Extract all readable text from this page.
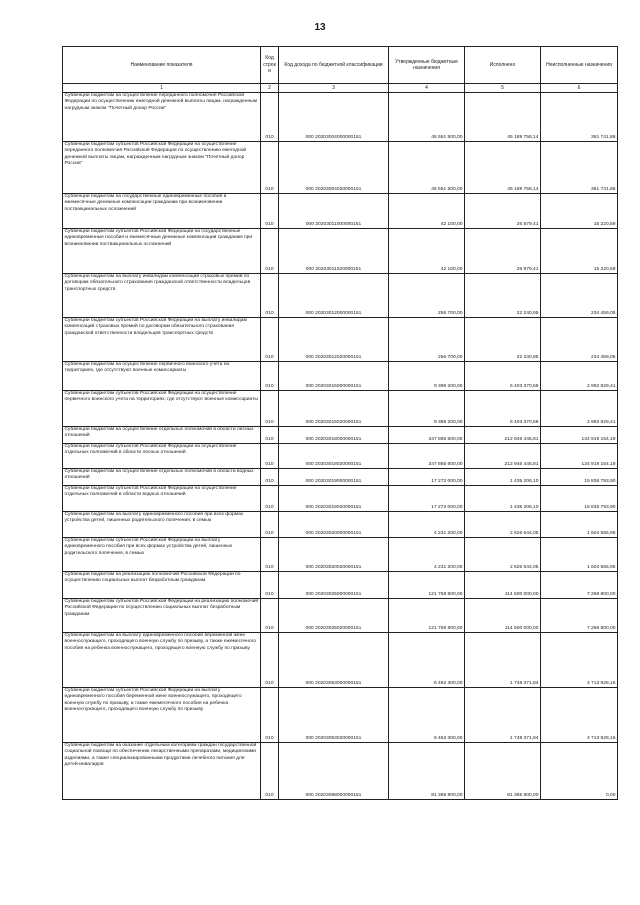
13
Наименование показателя	Код строк и	Код дохода по бюджетной классификации	Утвержденные бюджетные назначения	Исполнено	Неисполненные назначения
1	2	3	4	5	6
Субвенции бюджетам на осуществление переданного полномочия Российской Федерации по осуществлению ежегодной денежной выплаты лицам, награжденным нагрудным знаком "Почетный донор России"	010	000 20203004000000151	45 551 500,00	45 189 758,14	361 741,86
Субвенции бюджетам субъектов Российской Федерации на осуществление переданного полномочия Российской Федерации по осуществлению ежегодной денежной выплаты лицам, награжденным нагрудным знаком "Почетный донор России"	010	000 20203004020000151	45 551 500,00	45 189 758,14	361 741,86
Субвенции бюджетам на государственные единовременные пособия и ежемесячные денежные компенсации гражданам при возникновении поствакцинальных осложнений	010	000 20203011000000151	42 100,00	26 879,41	15 220,59
Субвенции бюджетам субъектов Российской Федерации на государственные единовременные пособия и ежемесячные денежные компенсации гражданам при возникновении поствакцинальных осложнений	010	000 20203011020000151	42 100,00	26 879,41	15 220,59
Субвенции бюджетам на выплату инвалидам компенсаций страховых премий по договорам обязательного страхования гражданской ответственности владельцев транспортных средств	010	000 20203012000000151	256 700,00	22 240,95	234 459,05
Субвенции бюджетам субъектов Российской Федерации на выплату инвалидам компенсаций страховых премий по договорам обязательного страхования гражданской ответственности владельцев транспортных средств	010	000 20203012020000151	256 700,00	22 240,95	234 459,05
Субвенции бюджетам на осуществление первичного воинского учета на территориях, где отсутствуют военные комиссариаты	010	000 20203015000000151	9 396 200,00	6 403 370,59	2 992 829,41
Субвенции бюджетам субъектов Российской Федерации на осуществление первичного воинского учета на территориях, где отсутствуют военные комиссариаты	010	000 20203015020000151	9 396 200,00	6 403 370,59	2 992 829,41
Субвенции бюджетам на осуществление отдельных полномочий в области лесных отношений	010	000 20203018000000151	347 865 600,00	212 946 445,81	134 919 154,19
Субвенции бюджетам субъектов Российской Федерации на осуществление отдельных полномочий в области лесных отношений	010	000 20203018020000151	347 865 600,00	212 946 445,81	134 919 154,19
Субвенции бюджетам на осуществление отдельных полномочий в области водных отношений	010	000 20203019000000151	17 272 000,00	1 435 206,10	15 836 793,90
Субвенции бюджетам субъектов Российской Федерации на осуществление отдельных полномочий в области водных отношений	010	000 20203019020000151	17 272 000,00	1 435 206,10	15 836 793,90
Субвенции бюджетам на выплату единовременного пособия при всех формах устройства детей, лишенных родительского попечения, в семью	010	000 20203020000000151	4 231 200,00	2 626 644,05	1 604 555,95
Субвенции бюджетам субъектов Российской Федерации на выплату единовременного пособия при всех формах устройства детей, лишенных родительского попечения, в семью	010	000 20203020020000151	4 231 200,00	2 626 644,05	1 604 555,95
Субвенции бюджетам на реализацию полномочий Российской Федерации по осуществлению социальных выплат безработным гражданам	010	000 20203025000000151	121 768 800,00	114 500 000,00	7 268 800,00
Субвенции бюджетам субъектов Российской Федерации на реализацию полномочий Российской Федерации по осуществлению социальных выплат безработным гражданам	010	000 20203025020000151	121 768 800,00	114 500 000,00	7 268 800,00
Субвенции бюджетам на выплату единовременного пособия беременной жене военнослужащего, проходящего военную службу по призыву, а также ежемесячного пособия на ребенка военнослужащего, проходящего военную службу по призыву	010	000 20203053000000151	6 462 300,00	1 748 371,84	4 713 928,16
Субвенции бюджетам субъектов Российской Федерации на выплату единовременного пособия беременной жене военнослужащего, проходящего военную службу по призыву, а также ежемесячного пособия на ребенка военнослужащего, проходящего военную службу по призыву	010	000 20203053020000151	6 462 300,00	1 748 371,84	4 713 928,16
Субвенции бюджетам на оказание отдельным категориям граждан государственной социальной помощи по обеспечению лекарственными препаратами, медицинскими изделиями, а также специализированными продуктами лечебного питания для детей-инвалидов	010	000 20203068000000151	81 365 800,00	81 365 800,00	0,00
